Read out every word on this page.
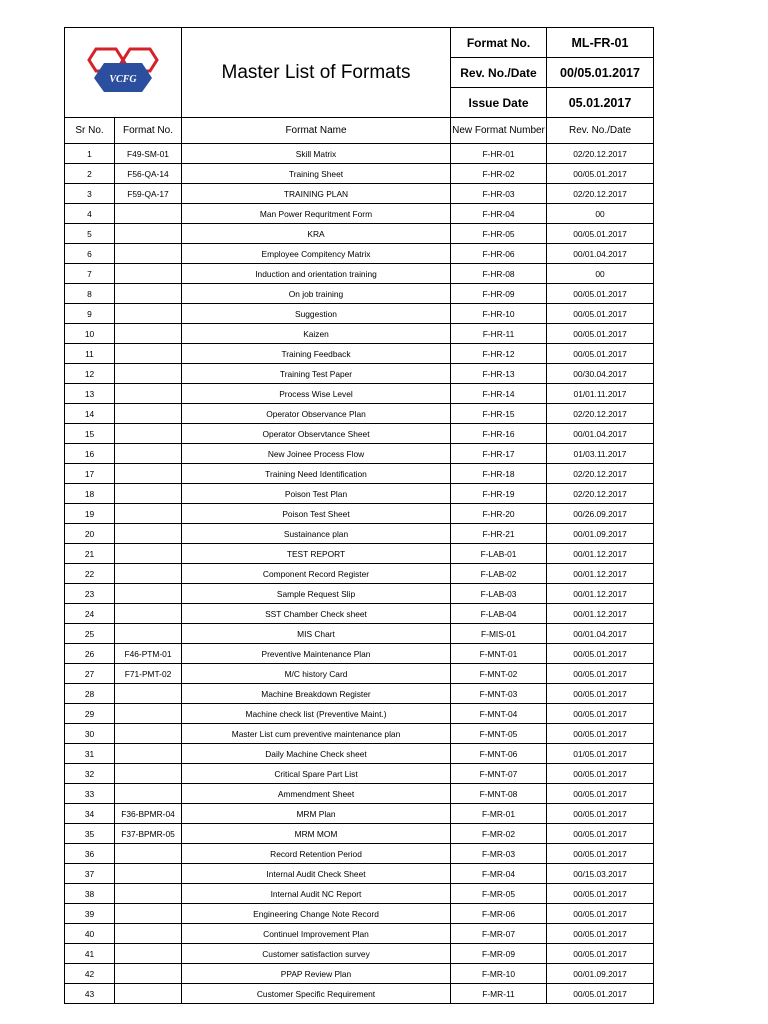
VCFG		Master List of Formats	Format No.	ML-FR-01
			Rev. No./Date	00/05.01.2017
			Issue Date	05.01.2017
Sr No.	Format No.	Format Name	New Format Number	Rev. No./Date
1	F49-SM-01	Skill Matrix	F-HR-01	02/20.12.2017
2	F56-QA-14	Training Sheet	F-HR-02	00/05.01.2017
3	F59-QA-17	TRAINING PLAN	F-HR-03	02/20.12.2017
4		Man Power Requritment Form	F-HR-04	00
5		KRA	F-HR-05	00/05.01.2017
6		Employee Compitency Matrix	F-HR-06	00/01.04.2017
7		Induction and orientation training	F-HR-08	00
8		On job training	F-HR-09	00/05.01.2017
9		Suggestion	F-HR-10	00/05.01.2017
10		Kaizen	F-HR-11	00/05.01.2017
11		Training Feedback	F-HR-12	00/05.01.2017
12		Training Test Paper	F-HR-13	00/30.04.2017
13		Process Wise Level	F-HR-14	01/01.11.2017
14		Operator Observance Plan	F-HR-15	02/20.12.2017
15		Operator Observtance Sheet	F-HR-16	00/01.04.2017
16		New Joinee Process Flow	F-HR-17	01/03.11.2017
17		Training Need Identification	F-HR-18	02/20.12.2017
18		Poison Test Plan	F-HR-19	02/20.12.2017
19		Poison Test Sheet	F-HR-20	00/26.09.2017
20		Sustainance plan	F-HR-21	00/01.09.2017
21		TEST REPORT	F-LAB-01	00/01.12.2017
22		Component Record Register	F-LAB-02	00/01.12.2017
23		Sample Request Slip	F-LAB-03	00/01.12.2017
24		SST Chamber Check sheet	F-LAB-04	00/01.12.2017
25		MIS Chart	F-MIS-01	00/01.04.2017
26	F46-PTM-01	Preventive Maintenance Plan	F-MNT-01	00/05.01.2017
27	F71-PMT-02	M/C history Card	F-MNT-02	00/05.01.2017
28		Machine Breakdown Register	F-MNT-03	00/05.01.2017
29		Machine check list (Preventive Maint.)	F-MNT-04	00/05.01.2017
30		Master List cum preventive maintenance plan	F-MNT-05	00/05.01.2017
31		Daily Machine Check sheet	F-MNT-06	01/05.01.2017
32		Critical Spare Part List	F-MNT-07	00/05.01.2017
33		Ammendment Sheet	F-MNT-08	00/05.01.2017
34	F36-BPMR-04	MRM Plan	F-MR-01	00/05.01.2017
35	F37-BPMR-05	MRM MOM	F-MR-02	00/05.01.2017
36		Record Retention Period	F-MR-03	00/05.01.2017
37		Internal Audit Check Sheet	F-MR-04	00/15.03.2017
38		Internal Audit NC Report	F-MR-05	00/05.01.2017
39		Engineering Change Note Record	F-MR-06	00/05.01.2017
40		Continuel Improvement Plan	F-MR-07	00/05.01.2017
41		Customer satisfaction survey	F-MR-09	00/05.01.2017
42		PPAP Review Plan	F-MR-10	00/01.09.2017
43		Customer Specific Requirement	F-MR-11	00/05.01.2017
